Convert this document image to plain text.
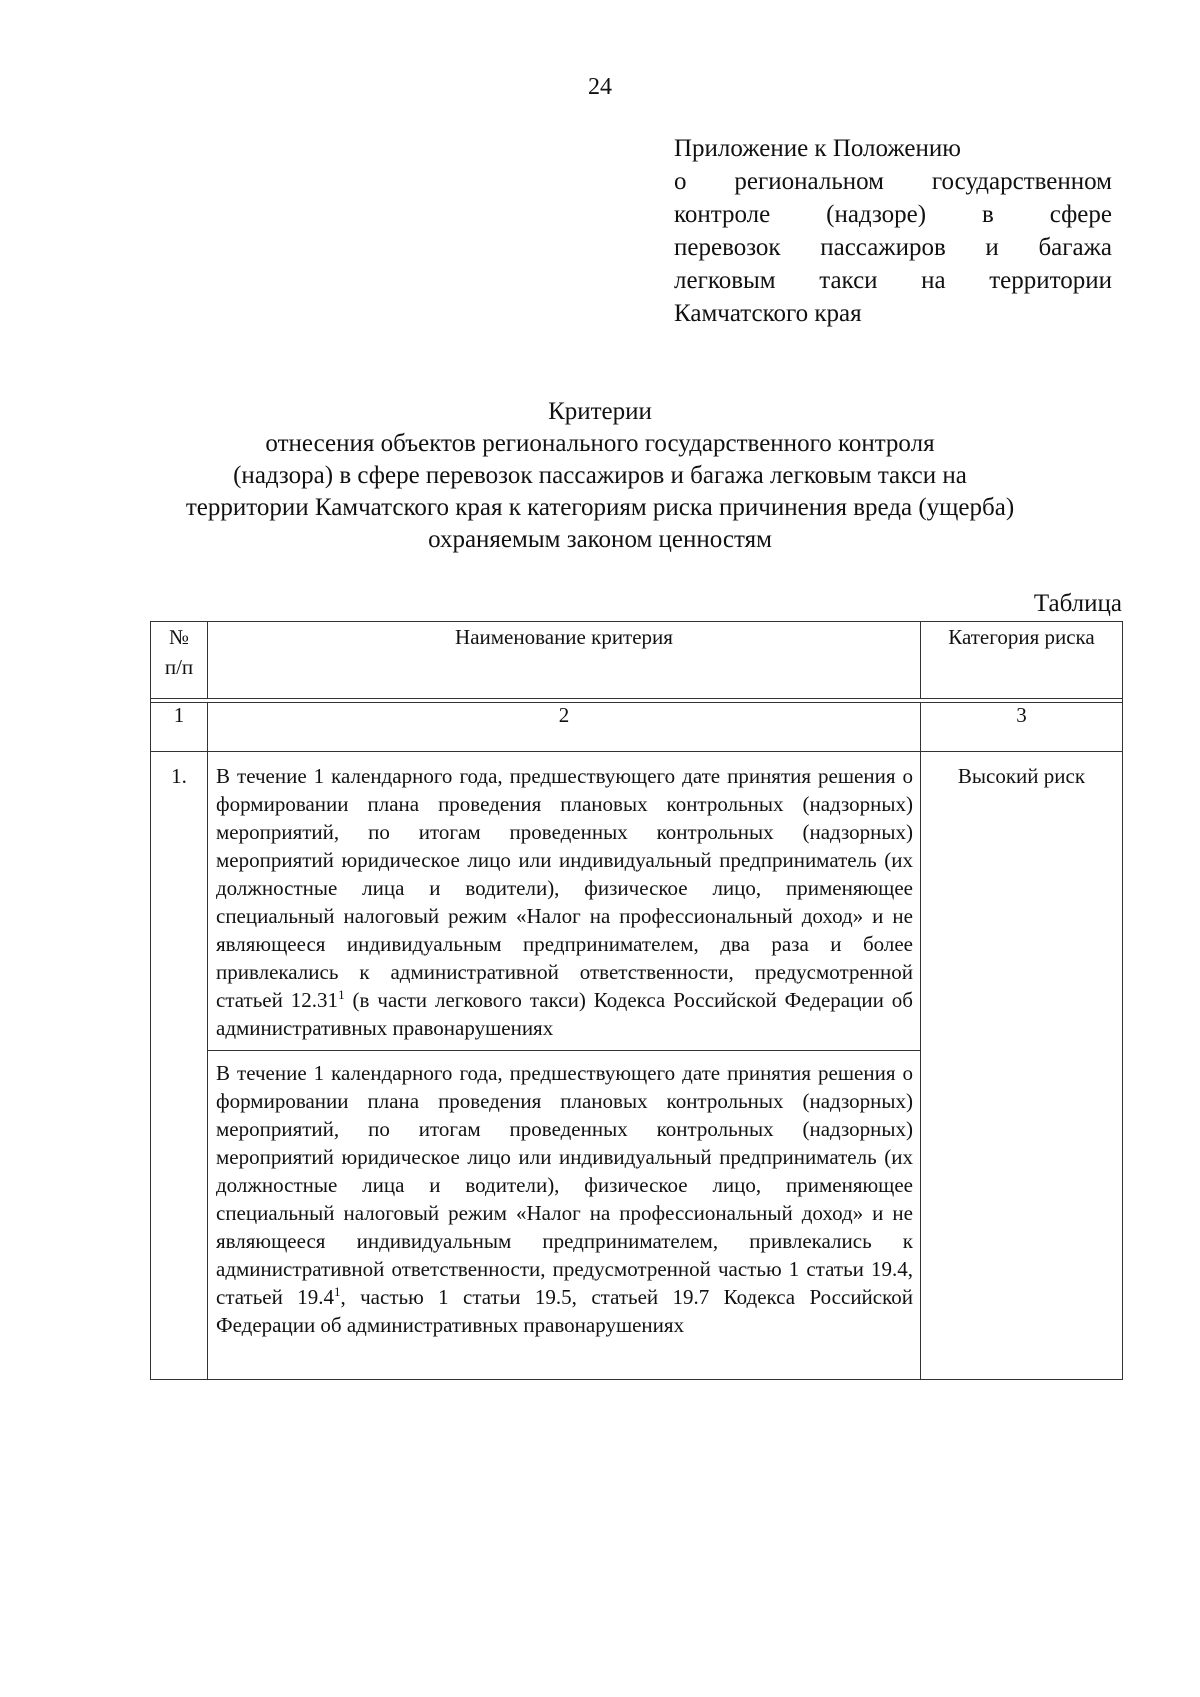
24
Приложение к Положению
о региональном государственном
контроле (надзоре) в сфере
перевозок пассажиров и багажа
легковым такси на территории
Камчатского края
Критерии
отнесения объектов регионального государственного контроля
(надзора) в сфере перевозок пассажиров и багажа легковым такси на
территории Камчатского края к категориям риска причинения вреда (ущерба)
охраняемым законом ценностям
Таблица
№
п/п	Наименование критерия	Категория риска

1	2	3
1.	В течение 1 календарного года, предшествующего дате принятия решения о формировании плана проведения плановых контрольных (надзорных) мероприятий, по итогам проведенных контрольных (надзорных) мероприятий юридическое лицо или индивидуальный предприниматель (их должностные лица и водители), физическое лицо, применяющее специальный налоговый режим «Налог на профессиональный доход» и не являющееся индивидуальным предпринимателем, два раза и более привлекались к административной ответственности, предусмотренной статьей 12.31$^1$ (в части легкового такси) Кодекса Российской Федерации об административных правонарушениях	Высокий риск
	В течение 1 календарного года, предшествующего дате принятия решения о формировании плана проведения плановых контрольных (надзорных) мероприятий, по итогам проведенных контрольных (надзорных) мероприятий юридическое лицо или индивидуальный предприниматель (их должностные лица и водители), физическое лицо, применяющее специальный налоговый режим «Налог на профессиональный доход» и не являющееся индивидуальным предпринимателем, привлекались к административной ответственности, предусмотренной частью 1 статьи 19.4, статьей 19.4$^1$, частью 1 статьи 19.5, статьей 19.7 Кодекса Российской Федерации об административных правонарушениях	
